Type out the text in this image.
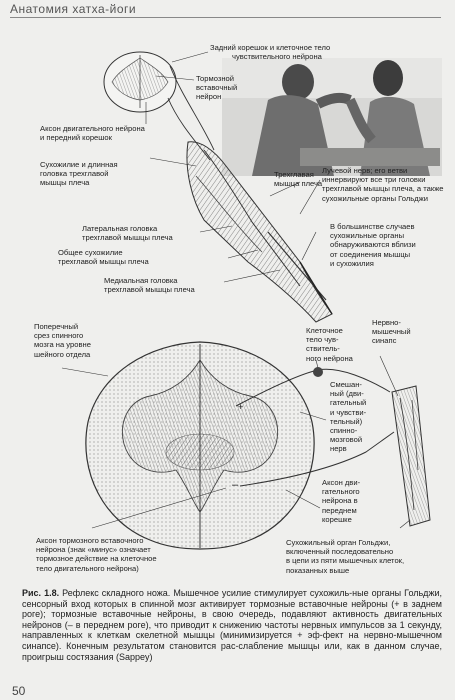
Анатомия хатха-йоги
+
–
Задний корешок и клеточное тело
чувствительного нейрона
Тормозной
вставочный
нейрон
Аксон двигательного нейрона
и передний корешок
Сухожилие и длинная
головка трехглавой
мышцы плеча
Трехглавая
мышца плеча
Лучевой нерв; его ветви
иннервируют все три головки
трехглавой мышцы плеча, а также
сухожильные органы Гольджи
Латеральная головка
трехглавой мышцы плеча
В большинстве случаев
сухожильные органы
обнаруживаются вблизи
от соединения мышцы
и сухожилия
Общее сухожилие
трехглавой мышцы плеча
Медиальная головка
трехглавой мышцы плеча
Поперечный
срез спинного
мозга на уровне
шейного отдела
Клеточное
тело чув-
ствитель-
ного нейрона
Нервно-
мышечный
синапс
Смешан-
ный (дви-
гательный
и чувстви-
тельный)
спинно-
мозговой
нерв
Аксон дви-
гательного
нейрона в
переднем
корешке
Аксон тормозного вставочного
нейрона (знак «минус» означает
тормозное действие на клеточное
тело двигательного нейрона)
Сухожильный орган Гольджи,
включенный последовательно
в цепи из пяти мышечных клеток,
показанных выше
Рис. 1.8. Рефлекс складного ножа. Мышечное усилие стимулирует сухожиль-ные органы Гольджи, сенсорный вход которых в спинной мозг активирует тормозные вставочные нейроны (+ в заднем роге); тормозные вставочные нейроны, в свою очередь, подавляют активность двигательных нейронов (– в переднем роге), что приводит к снижению частоты нервных импульсов за 1 секунду, направленных к клеткам скелетной мышцы (минимизируется + эф-фект на нервно-мышечном синапсе). Конечным результатом становится рас-слабление мышцы или, как в данном случае, проигрыш состязания (Sappey)
50
